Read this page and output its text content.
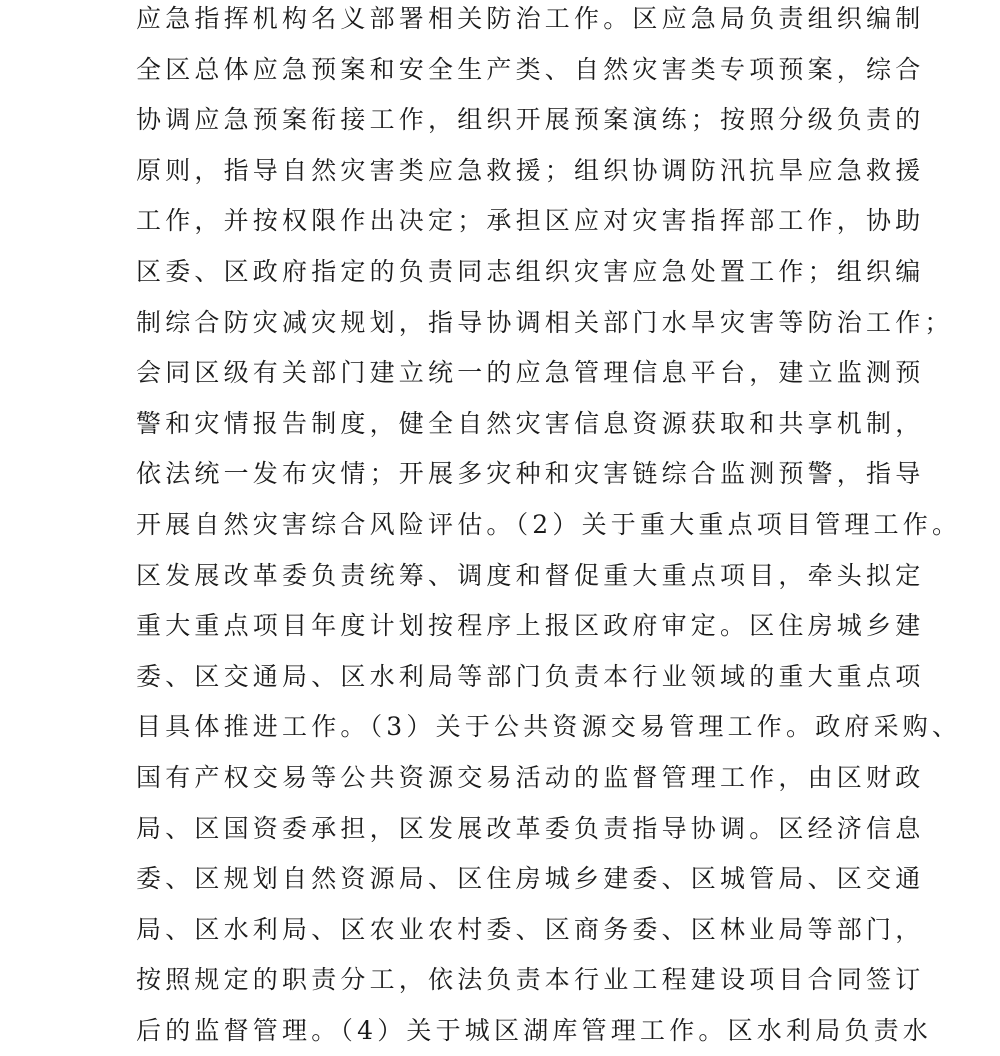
应急指挥机构名义部署相关防治工作。区应急局负责组织编制
全区总体应急预案和安全生产类、自然灾害类专项预案，综合
协调应急预案衔接工作，组织开展预案演练；按照分级负责的
原则，指导自然灾害类应急救援；组织协调防汛抗旱应急救援
工作，并按权限作出决定；承担区应对灾害指挥部工作，协助
区委、区政府指定的负责同志组织灾害应急处置工作；组织编
制综合防灾减灾规划，指导协调相关部门水旱灾害等防治工作；
会同区级有关部门建立统一的应急管理信息平台，建立监测预
警和灾情报告制度，健全自然灾害信息资源获取和共享机制，
依法统一发布灾情；开展多灾种和灾害链综合监测预警，指导
开展自然灾害综合风险评估。（2）关于重大重点项目管理工作。
区发展改革委负责统筹、调度和督促重大重点项目，牵头拟定
重大重点项目年度计划按程序上报区政府审定。区住房城乡建
委、区交通局、区水利局等部门负责本行业领域的重大重点项
目具体推进工作。（3）关于公共资源交易管理工作。政府采购、
国有产权交易等公共资源交易活动的监督管理工作，由区财政
局、区国资委承担，区发展改革委负责指导协调。区经济信息
委、区规划自然资源局、区住房城乡建委、区城管局、区交通
局、区水利局、区农业农村委、区商务委、区林业局等部门，
按照规定的职责分工，依法负责本行业工程建设项目合同签订
后的监督管理。（4）关于城区湖库管理工作。区水利局负责水
